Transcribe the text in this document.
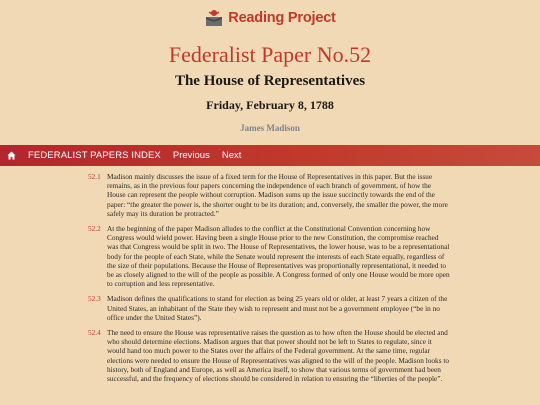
Reading Project
Federalist Paper No.52
The House of Representatives
Friday, February 8, 1788
James Madison
FEDERALIST PAPERS INDEX	Previous	Next
52.1 Madison mainly discusses the issue of a fixed term for the House of Representatives in this paper. But the issue remains, as in the previous four papers concerning the independence of each branch of government, of how the House can represent the people without corruption. Madison sums up the issue succinctly towards the end of the paper: “the greater the power is, the shorter ought to be its duration; and, conversely, the smaller the power, the more safely may its duration be protracted.”

52.2 At the beginning of the paper Madison alludes to the conflict at the Constitutional Convention concerning how Congress would wield power. Having been a single House prior to the new Constitution, the compromise reached was that Congress would be split in two. The House of Representatives, the lower house, was to be a representational body for the people of each State, while the Senate would represent the interests of each State equally, regardless of the size of their populations. Because the House of Representatives was proportionally representational, it needed to be as closely aligned to the will of the people as possible. A Congress formed of only one House would be more open to corruption and less representative.

52.3 Madison defines the qualifications to stand for election as being 25 years old or older, at least 7 years a citizen of the United States, an inhabitant of the State they wish to represent and must not be a government employee (“be in no office under the United States”).

52.4 The need to ensure the House was representative raises the question as to how often the House should be elected and who should determine elections. Madison argues that that power should not be left to States to regulate, since it would hand too much power to the States over the affairs of the Federal government. At the same time, regular elections were needed to ensure the House of Representatives was aligned to the will of the people. Madison looks to history, both of England and Europe, as well as America itself, to show that various terms of government had been successful, and the frequency of elections should be considered in relation to ensuring the “liberties of the people”.
